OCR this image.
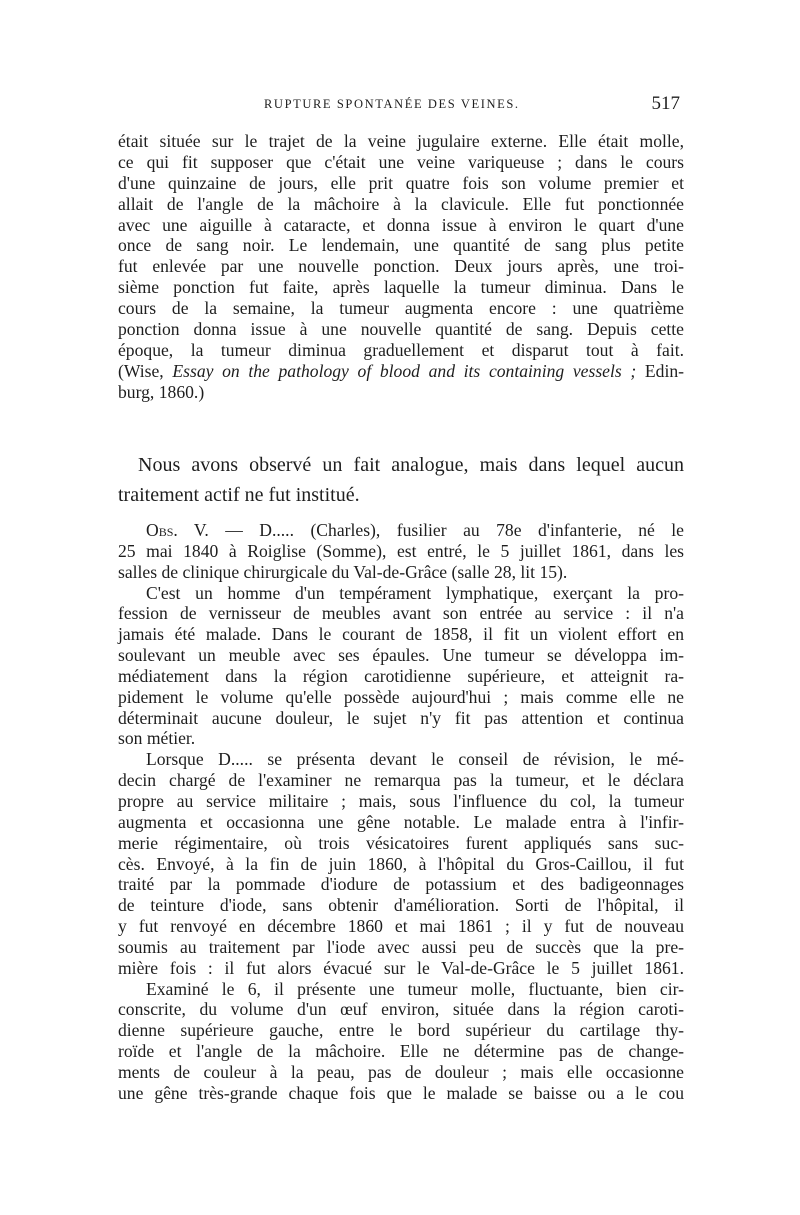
RUPTURE SPONTANÉE DES VEINES.	517
était située sur le trajet de la veine jugulaire externe. Elle était molle,
ce qui fit supposer que c'était une veine variqueuse ; dans le cours
d'une quinzaine de jours, elle prit quatre fois son volume premier et
allait de l'angle de la mâchoire à la clavicule. Elle fut ponctionnée
avec une aiguille à cataracte, et donna issue à environ le quart d'une
once de sang noir. Le lendemain, une quantité de sang plus petite
fut enlevée par une nouvelle ponction. Deux jours après, une troi-
sième ponction fut faite, après laquelle la tumeur diminua. Dans le
cours de la semaine, la tumeur augmenta encore : une quatrième
ponction donna issue à une nouvelle quantité de sang. Depuis cette
époque, la tumeur diminua graduellement et disparut tout à fait.
(Wise, Essay on the pathology of blood and its containing vessels ; Edin-
burg, 1860.)
Nous avons observé un fait analogue, mais dans lequel aucun
traitement actif ne fut institué.
Obs. V. — D..... (Charles), fusilier au 78e d'infanterie, né le
25 mai 1840 à Roiglise (Somme), est entré, le 5 juillet 1861, dans les
salles de clinique chirurgicale du Val-de-Grâce (salle 28, lit 15).
C'est un homme d'un tempérament lymphatique, exerçant la pro-
fession de vernisseur de meubles avant son entrée au service : il n'a
jamais été malade. Dans le courant de 1858, il fit un violent effort en
soulevant un meuble avec ses épaules. Une tumeur se développa im-
médiatement dans la région carotidienne supérieure, et atteignit ra-
pidement le volume qu'elle possède aujourd'hui ; mais comme elle ne
déterminait aucune douleur, le sujet n'y fit pas attention et continua
son métier.
Lorsque D..... se présenta devant le conseil de révision, le mé-
decin chargé de l'examiner ne remarqua pas la tumeur, et le déclara
propre au service militaire ; mais, sous l'influence du col, la tumeur
augmenta et occasionna une gêne notable. Le malade entra à l'infir-
merie régimentaire, où trois vésicatoires furent appliqués sans suc-
cès. Envoyé, à la fin de juin 1860, à l'hôpital du Gros-Caillou, il fut
traité par la pommade d'iodure de potassium et des badigeonnages
de teinture d'iode, sans obtenir d'amélioration. Sorti de l'hôpital, il
y fut renvoyé en décembre 1860 et mai 1861 ; il y fut de nouveau
soumis au traitement par l'iode avec aussi peu de succès que la pre-
mière fois : il fut alors évacué sur le Val-de-Grâce le 5 juillet 1861.
Examiné le 6, il présente une tumeur molle, fluctuante, bien cir-
conscrite, du volume d'un œuf environ, située dans la région caroti-
dienne supérieure gauche, entre le bord supérieur du cartilage thy-
roïde et l'angle de la mâchoire. Elle ne détermine pas de change-
ments de couleur à la peau, pas de douleur ; mais elle occasionne
une gêne très-grande chaque fois que le malade se baisse ou a le cou
